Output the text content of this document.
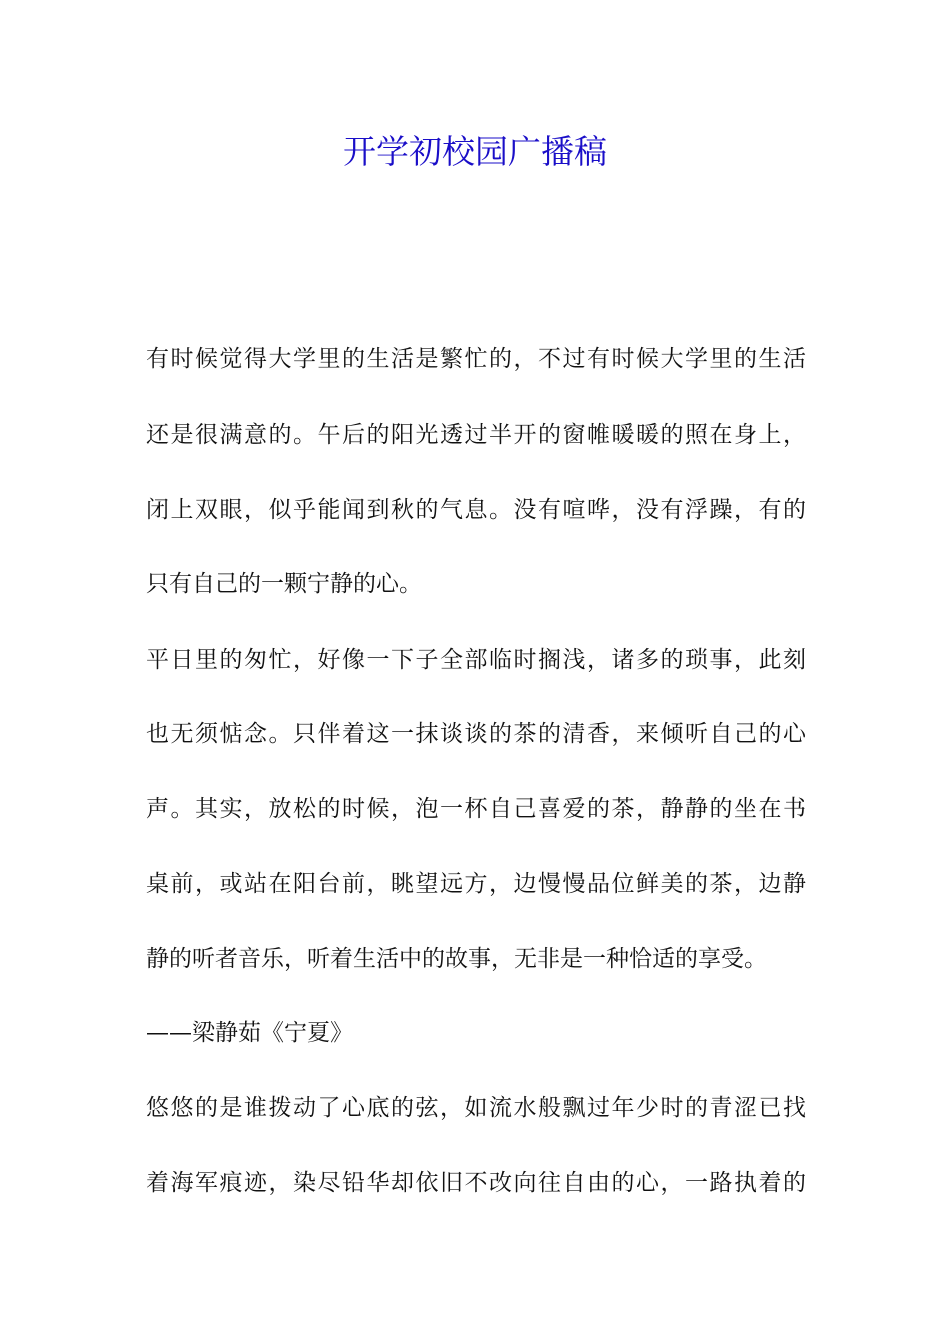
开学初校园广播稿

有时候觉得大学里的生活是繁忙的，不过有时候大学里的生活

还是很满意的。午后的阳光透过半开的窗帷暖暖的照在身上，

闭上双眼，似乎能闻到秋的气息。没有喧哗，没有浮躁，有的

只有自己的一颗宁静的心。

平日里的匆忙，好像一下子全部临时搁浅，诸多的琐事，此刻

也无须惦念。只伴着这一抹谈谈的茶的清香，来倾听自己的心

声。其实，放松的时候，泡一杯自己喜爱的茶，静静的坐在书

桌前，或站在阳台前，眺望远方，边慢慢品位鲜美的茶，边静

静的听者音乐，听着生活中的故事，无非是一种恰适的享受。

——梁静茹《宁夏》

悠悠的是谁拨动了心底的弦，如流水般飘过年少时的青涩已找

着海军痕迹，染尽铅华却依旧不改向往自由的心，一路执着的
